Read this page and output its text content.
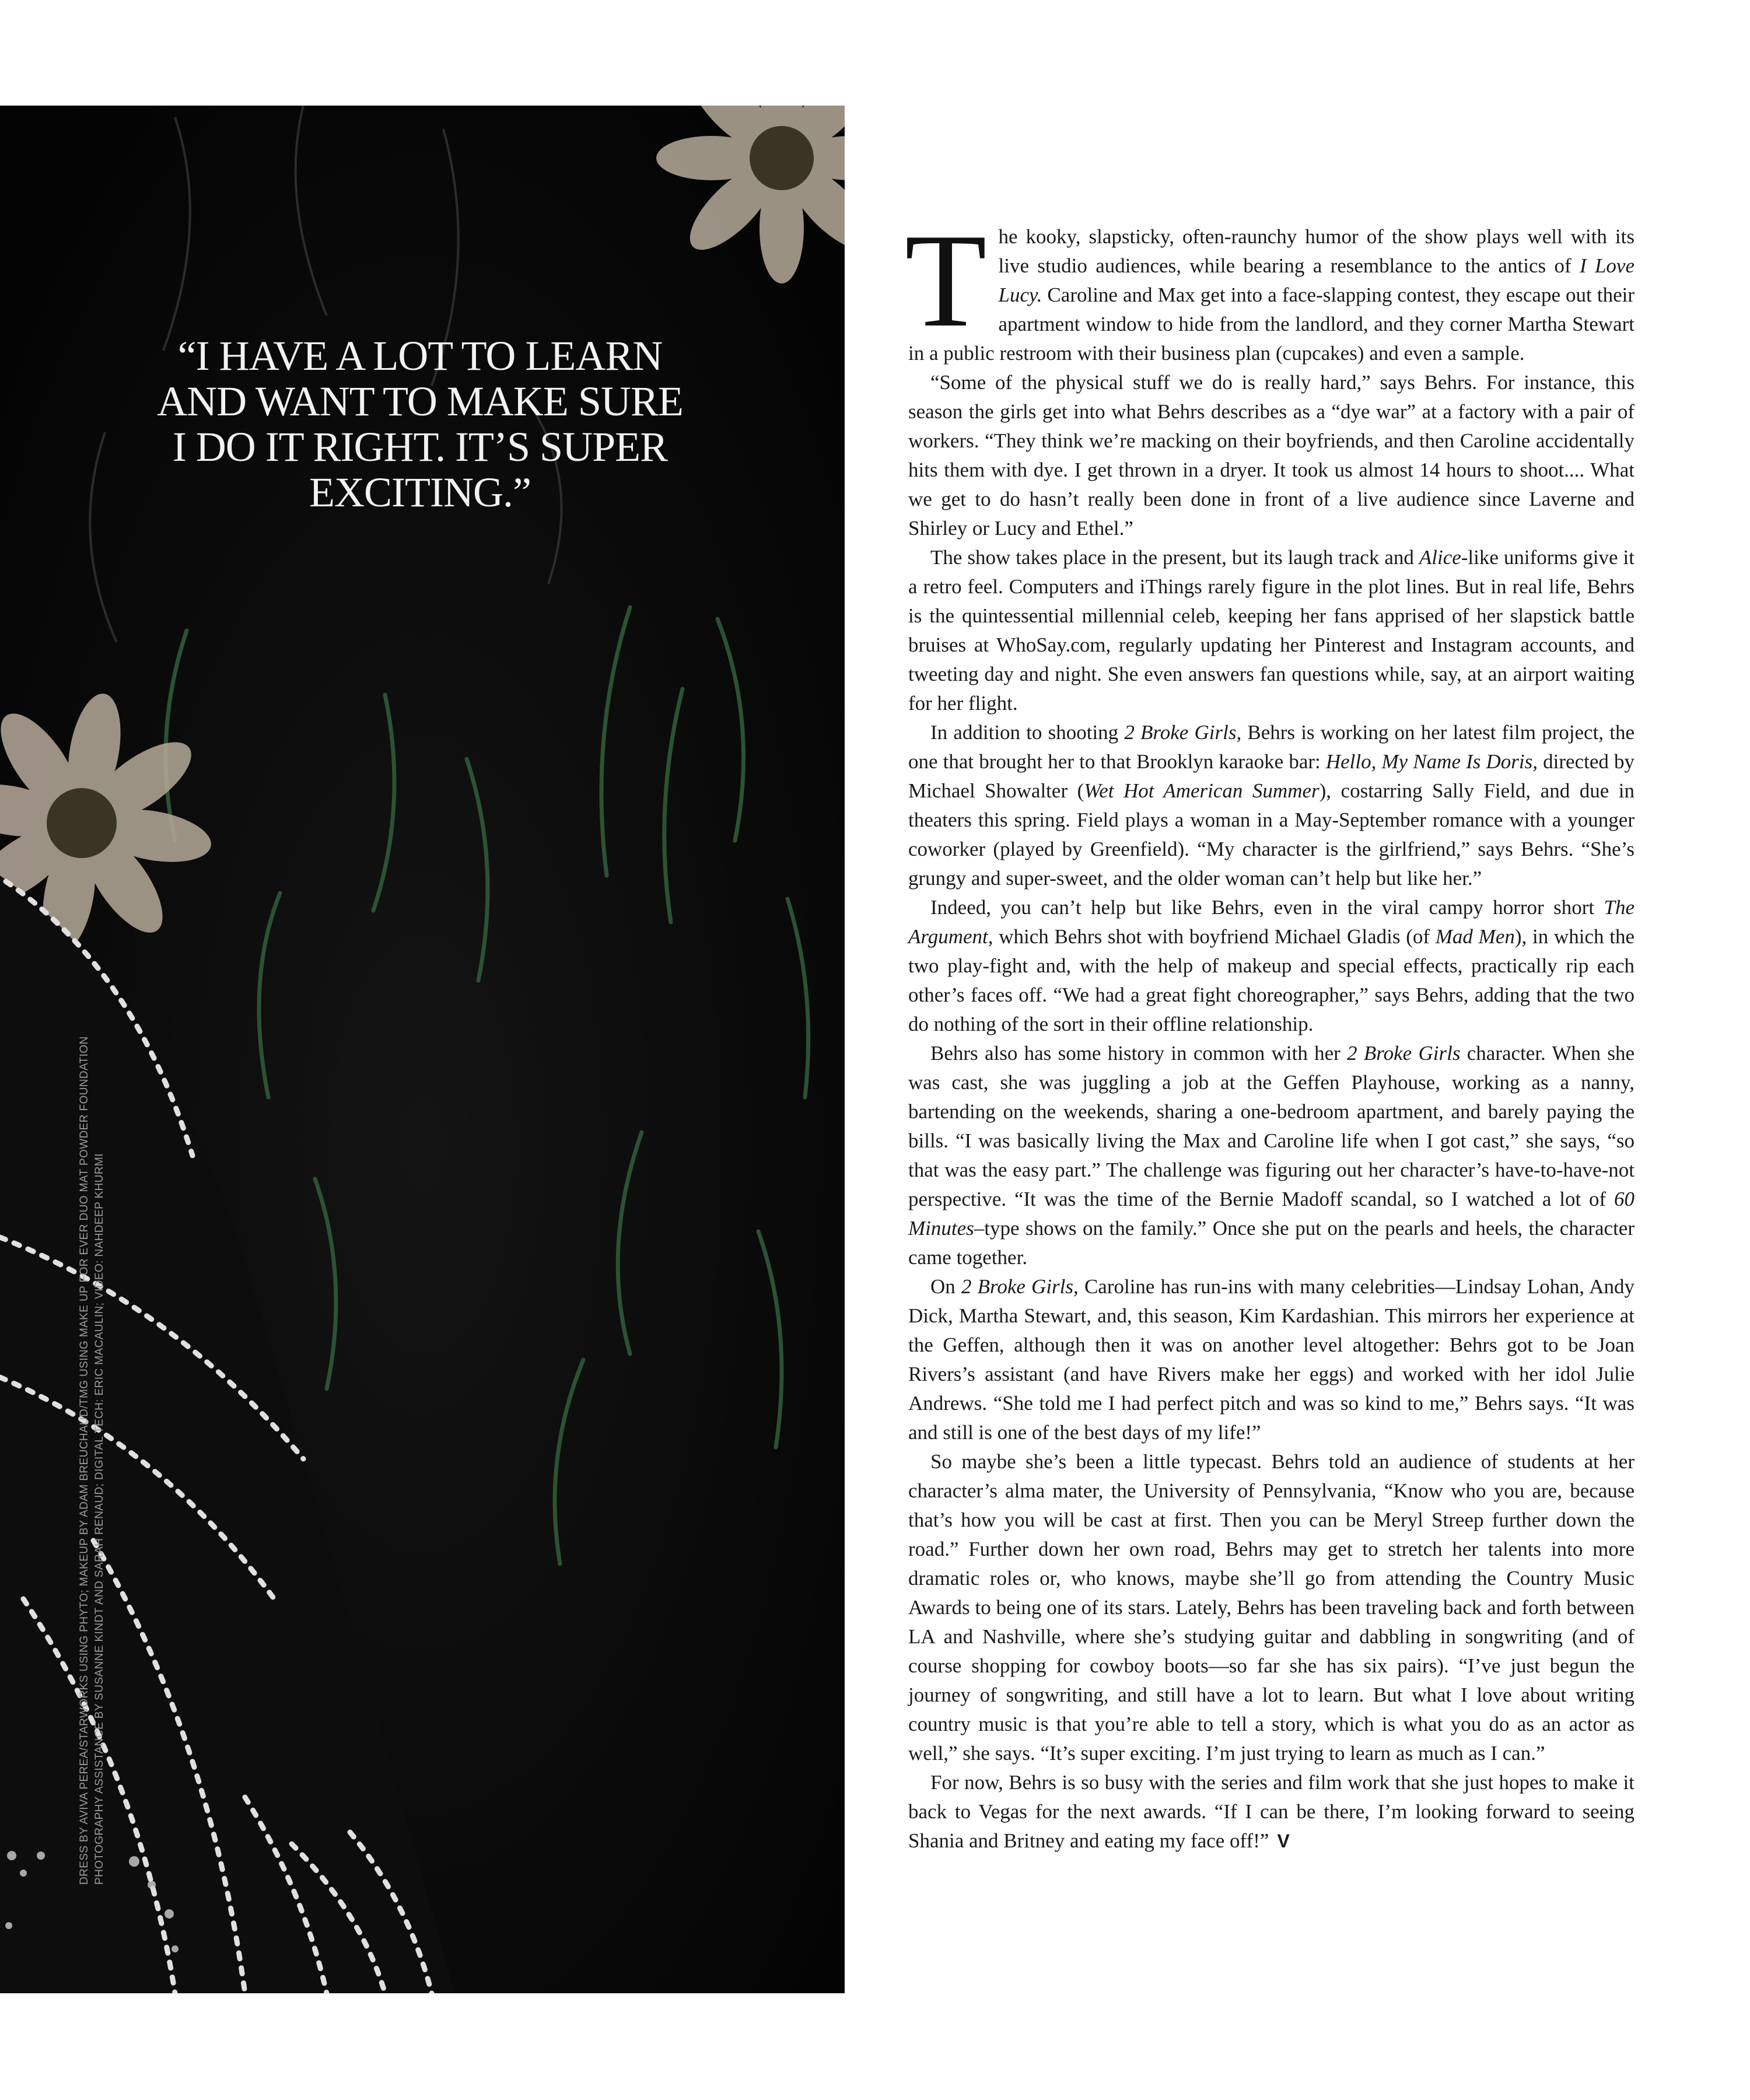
“I HAVE A LOT TO LEARN AND WANT TO MAKE SURE I DO IT RIGHT. IT’S SUPER EXCITING.”

DRESS BY AVIVA PEREA/STARWORKS USING PHYTO; MAKEUP BY ADAM BREUCHAUD/TMG USING MAKE UP FOR EVER DUO MAT POWDER FOUNDATION PHOTOGRAPHY ASSISTANCE BY SUSANNE KINDT AND SARAH RENAUD; DIGITAL TECH: ERIC MACAULIN; VIDEO: NAHDEEP KHURMI

The kooky, slapsticky, often-raunchy humor of the show plays well with its live studio audiences, while bearing a resemblance to the antics of I Love Lucy. Caroline and Max get into a face-slapping contest, they escape out their apartment window to hide from the landlord, and they corner Martha Stewart in a public restroom with their business plan (cupcakes) and even a sample.

“Some of the physical stuff we do is really hard,” says Behrs. For instance, this season the girls get into what Behrs describes as a “dye war” at a factory with a pair of workers. “They think we’re macking on their boyfriends, and then Caroline accidentally hits them with dye. I get thrown in a dryer. It took us almost 14 hours to shoot.... What we get to do hasn’t really been done in front of a live audience since Laverne and Shirley or Lucy and Ethel.”

The show takes place in the present, but its laugh track and Alice-like uniforms give it a retro feel. Computers and iThings rarely figure in the plot lines. But in real life, Behrs is the quintessential millennial celeb, keeping her fans apprised of her slapstick battle bruises at WhoSay.com, regularly updating her Pinterest and Instagram accounts, and tweeting day and night. She even answers fan questions while, say, at an airport waiting for her flight.

In addition to shooting 2 Broke Girls, Behrs is working on her latest film project, the one that brought her to that Brooklyn karaoke bar: Hello, My Name Is Doris, directed by Michael Showalter (Wet Hot American Summer), costarring Sally Field, and due in theaters this spring. Field plays a woman in a May-September romance with a younger coworker (played by Greenfield). “My character is the girlfriend,” says Behrs. “She’s grungy and super-sweet, and the older woman can’t help but like her.”

Indeed, you can’t help but like Behrs, even in the viral campy horror short The Argument, which Behrs shot with boyfriend Michael Gladis (of Mad Men), in which the two play-fight and, with the help of makeup and special effects, practically rip each other’s faces off. “We had a great fight choreographer,” says Behrs, adding that the two do nothing of the sort in their offline relationship.

Behrs also has some history in common with her 2 Broke Girls character. When she was cast, she was juggling a job at the Geffen Playhouse, working as a nanny, bartending on the weekends, sharing a one-bedroom apartment, and barely paying the bills. “I was basically living the Max and Caroline life when I got cast,” she says, “so that was the easy part.” The challenge was figuring out her character’s have-to-have-not perspective. “It was the time of the Bernie Madoff scandal, so I watched a lot of 60 Minutes–type shows on the family.” Once she put on the pearls and heels, the character came together.

On 2 Broke Girls, Caroline has run-ins with many celebrities—Lindsay Lohan, Andy Dick, Martha Stewart, and, this season, Kim Kardashian. This mirrors her experience at the Geffen, although then it was on another level altogether: Behrs got to be Joan Rivers’s assistant (and have Rivers make her eggs) and worked with her idol Julie Andrews. “She told me I had perfect pitch and was so kind to me,” Behrs says. “It was and still is one of the best days of my life!”

So maybe she’s been a little typecast. Behrs told an audience of students at her character’s alma mater, the University of Pennsylvania, “Know who you are, because that’s how you will be cast at first. Then you can be Meryl Streep further down the road.” Further down her own road, Behrs may get to stretch her talents into more dramatic roles or, who knows, maybe she’ll go from attending the Country Music Awards to being one of its stars. Lately, Behrs has been traveling back and forth between LA and Nashville, where she’s studying guitar and dabbling in songwriting (and of course shopping for cowboy boots—so far she has six pairs). “I’ve just begun the journey of songwriting, and still have a lot to learn. But what I love about writing country music is that you’re able to tell a story, which is what you do as an actor as well,” she says. “It’s super exciting. I’m just trying to learn as much as I can.”

For now, Behrs is so busy with the series and film work that she just hopes to make it back to Vegas for the next awards. “If I can be there, I’m looking forward to seeing Shania and Britney and eating my face off!” V
